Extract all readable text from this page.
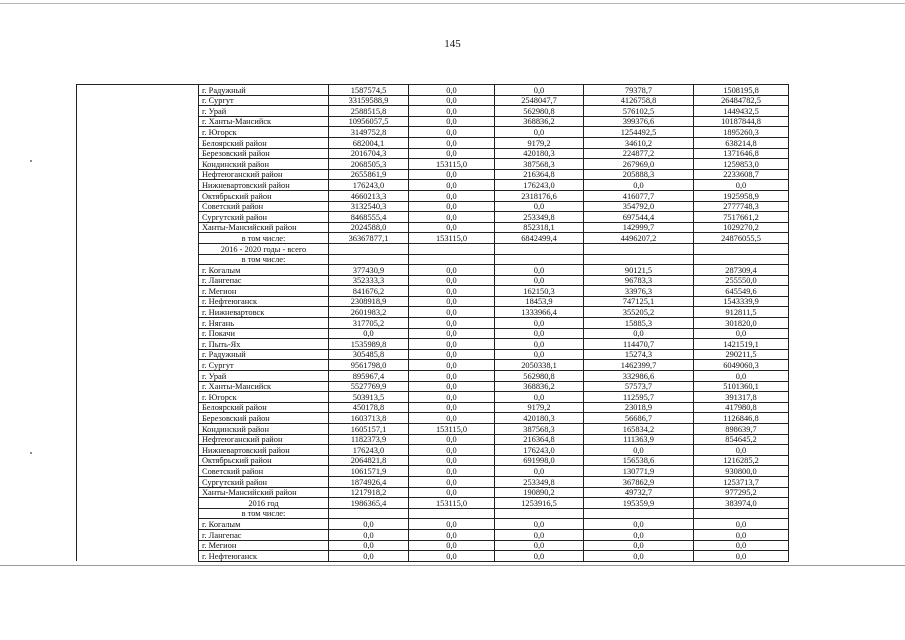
145
	г. Радужный	1587574,5	0,0	0,0	79378,7	1508195,8
	г. Сургут	33159588,9	0,0	2548047,7	4126758,8	26484782,5
	г. Урай	2588515,8	0,0	562980,8	576102,5	1449432,5
	г. Ханты-Мансийск	10956057,5	0,0	368836,2	399376,6	10187844,8
	г. Югорск	3149752,8	0,0	0,0	1254492,5	1895260,3
	Белоярский район	682004,1	0,0	9179,2	34610,2	638214,8
	Березовский район	2016704,3	0,0	420180,3	224877,2	1371646,8
	Кондинский район	2068505,3	153115,0	387568,3	267969,0	1259853,0
	Нефтеюганский район	2655861,9	0,0	216364,8	205888,3	2233608,7
	Нижневартовский район	176243,0	0,0	176243,0	0,0	0,0
	Октябрьский район	4660213,3	0,0	2318176,6	416077,7	1925958,9
	Советский район	3132540,3	0,0	0,0	354792,0	2777748,3
	Сургутский район	8468555,4	0,0	253349,8	697544,4	7517661,2
	Ханты-Мансийский район	2024588,0	0,0	852318,1	142999,7	1029270,2
	в том числе:	36367877,1	153115,0	6842499,4	4496207,2	24876055,5
	2016 - 2020 годы - всего					
	в том числе:					
	г. Когалым	377430,9	0,0	0,0	90121,5	287309,4
	г. Лангепас	352333,3	0,0	0,0	96783,3	255550,0
	г. Мегион	841676,2	0,0	162150,3	33976,3	645549,6
	г. Нефтеюганск	2308918,9	0,0	18453,9	747125,1	1543339,9
	г. Нижневартовск	2601983,2	0,0	1333966,4	355205,2	912811,5
	г. Нягань	317705,2	0,0	0,0	15885,3	301820,0
	г. Покачи	0,0	0,0	0,0	0,0	0,0
	г. Пыть-Ях	1535989,8	0,0	0,0	114470,7	1421519,1
	г. Радужный	305485,8	0,0	0,0	15274,3	290211,5
	г. Сургут	9561798,0	0,0	2050338,1	1462399,7	6049060,3
	г. Урай	895967,4	0,0	562980,8	332986,6	0,0
	г. Ханты-Мансийск	5527769,9	0,0	368836,2	57573,7	5101360,1
	г. Югорск	503913,5	0,0	0,0	112595,7	391317,8
	Белоярский район	450178,8	0,0	9179,2	23018,9	417980,8
	Березовский район	1603713,8	0,0	420180,3	56686,7	1126846,8
	Кондинский район	1605157,1	153115,0	387568,3	165834,2	898639,7
	Нефтеюганский район	1182373,9	0,0	216364,8	111363,9	854645,2
	Нижневартовский район	176243,0	0,0	176243,0	0,0	0,0
	Октябрьский район	2064821,8	0,0	691998,0	156538,6	1216285,2
	Советский район	1061571,9	0,0	0,0	130771,9	930800,0
	Сургутский район	1874926,4	0,0	253349,8	367862,9	1253713,7
	Ханты-Мансийский район	1217918,2	0,0	190890,2	49732,7	977295,2
	2016 год	1986365,4	153115,0	1253916,5	195359,9	383974,0
	в том числе:					
	г. Когалым	0,0	0,0	0,0	0,0	0,0
	г. Лангепас	0,0	0,0	0,0	0,0	0,0
	г. Мегион	0,0	0,0	0,0	0,0	0,0
	г. Нефтеюганск	0,0	0,0	0,0	0,0	0,0
